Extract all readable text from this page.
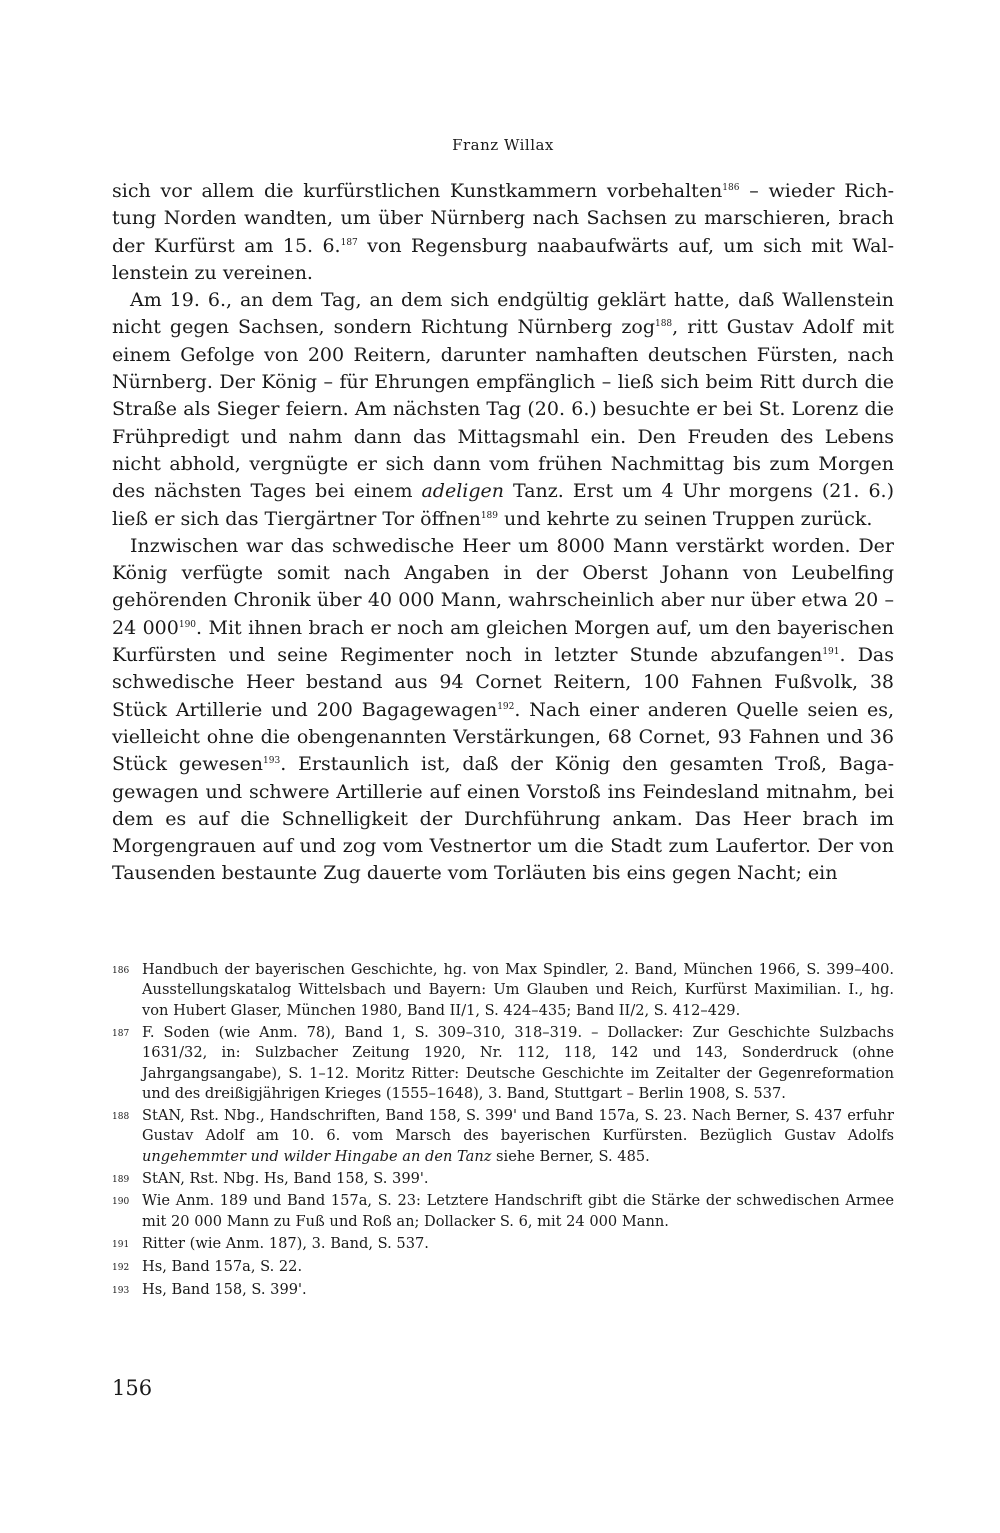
Franz Willax

sich vor allem die kurfürstlichen Kunstkammern vorbehalten$^{186}$ – wieder Richtung Norden wandten, um über Nürnberg nach Sachsen zu marschieren, brach der Kurfürst am 15. 6.$^{187}$ von Regensburg naabaufwärts auf, um sich mit Wallenstein zu vereinen.

Am 19. 6., an dem Tag, an dem sich endgültig geklärt hatte, daß Wallenstein nicht gegen Sachsen, sondern Richtung Nürnberg zog$^{188}$, ritt Gustav Adolf mit einem Gefolge von 200 Reitern, darunter namhaften deutschen Fürsten, nach Nürnberg. Der König – für Ehrungen empfänglich – ließ sich beim Ritt durch die Straße als Sieger feiern. Am nächsten Tag (20. 6.) besuchte er bei St. Lorenz die Frühpredigt und nahm dann das Mittagsmahl ein. Den Freuden des Lebens nicht abhold, vergnügte er sich dann vom frühen Nachmittag bis zum Morgen des nächsten Tages bei einem adeligen Tanz. Erst um 4 Uhr morgens (21. 6.) ließ er sich das Tiergärtner Tor öffnen$^{189}$ und kehrte zu seinen Truppen zurück.

Inzwischen war das schwedische Heer um 8000 Mann verstärkt worden. Der König verfügte somit nach Angaben in der Oberst Johann von Leubelfing gehörenden Chronik über 40 000 Mann, wahrscheinlich aber nur über etwa 20 – 24 $000^{190}$. Mit ihnen brach er noch am gleichen Morgen auf, um den bayerischen Kurfürsten und seine Regimenter noch in letzter Stunde abzufangen$^{191}$. Das schwedische Heer bestand aus 94 Cornet Reitern, 100 Fahnen Fußvolk, 38 Stück Artillerie und 200 Bagagewagen$^{192}$. Nach einer anderen Quelle seien es, vielleicht ohne die obengenannten Verstärkungen, 68 Cornet, 93 Fahnen und 36 Stück gewesen$^{193}$. Erstaunlich ist, daß der König den gesamten Troß, Bagagewagen und schwere Artillerie auf einen Vorstoß ins Feindesland mitnahm, bei dem es auf die Schnelligkeit der Durchführung ankam. Das Heer brach im Morgengrauen auf und zog vom Vestnertor um die Stadt zum Laufertor. Der von Tausenden bestaunte Zug dauerte vom Torläuten bis eins gegen Nacht; ein

186 Handbuch der bayerischen Geschichte, hg. von Max Spindler, 2. Band, München 1966, S. 399–400. Ausstellungskatalog Wittelsbach und Bayern: Um Glauben und Reich, Kurfürst Maximilian. I., hg. von Hubert Glaser, München 1980, Band II/1, S. 424–435; Band II/2, S. 412–429.
187 F. Soden (wie Anm. 78), Band 1, S. 309–310, 318–319. – Dollacker: Zur Geschichte Sulzbachs 1631/32, in: Sulzbacher Zeitung 1920, Nr. 112, 118, 142 und 143, Sonderdruck (ohne Jahrgangsangabe), S. 1–12. Moritz Ritter: Deutsche Geschichte im Zeitalter der Gegenreformation und des dreißigjährigen Krieges (1555–1648), 3. Band, Stuttgart – Berlin 1908, S. 537.
188 StAN, Rst. Nbg., Handschriften, Band 158, S. 399' und Band 157a, S. 23. Nach Berner, S. 437 erfuhr Gustav Adolf am 10. 6. vom Marsch des bayerischen Kurfürsten. Bezüglich Gustav Adolfs ungehemmter und wilder Hingabe an den Tanz siehe Berner, S. 485.
189 StAN, Rst. Nbg. Hs, Band 158, S. 399'.
190 Wie Anm. 189 und Band 157a, S. 23: Letztere Handschrift gibt die Stärke der schwedischen Armee mit 20 000 Mann zu Fuß und Roß an; Dollacker S. 6, mit 24 000 Mann.
191 Ritter (wie Anm. 187), 3. Band, S. 537.
192 Hs, Band 157a, S. 22.
193 Hs, Band 158, S. 399'.
156
